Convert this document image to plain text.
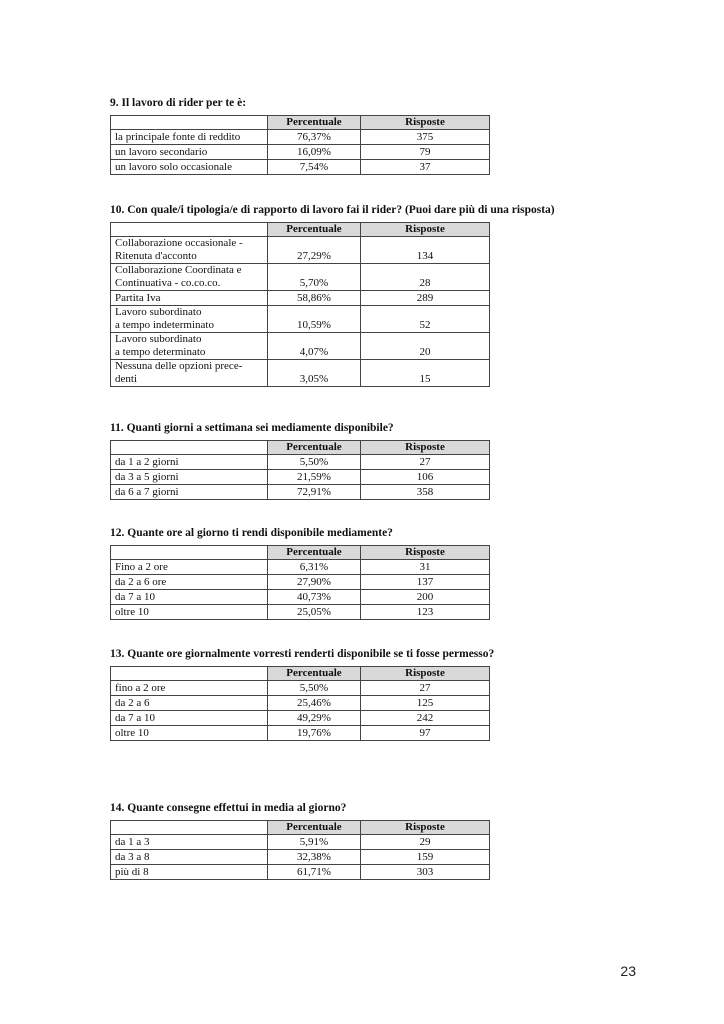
9. Il lavoro di rider per te è:
	Percentuale	Risposte
la principale fonte di reddito	76,37%	375
un lavoro secondario	16,09%	79
un lavoro solo occasionale	7,54%	37
10. Con quale/i tipologia/e di rapporto di lavoro fai il rider? (Puoi dare più di una risposta)
	Percentuale	Risposte
Collaborazione occasionale -
Ritenuta d'acconto	27,29%	134
Collaborazione Coordinata e
Continuativa - co.co.co.	5,70%	28
Partita Iva	58,86%	289
Lavoro subordinato
a tempo indeterminato	10,59%	52
Lavoro subordinato
a tempo determinato	4,07%	20
Nessuna delle opzioni prece-
denti	3,05%	15
11. Quanti giorni a settimana sei mediamente disponibile?
	Percentuale	Risposte
da 1 a 2 giorni	5,50%	27
da 3 a 5 giorni	21,59%	106
da 6 a 7 giorni	72,91%	358
12. Quante ore al giorno ti rendi disponibile mediamente?
	Percentuale	Risposte
Fino a 2 ore	6,31%	31
da 2 a 6 ore	27,90%	137
da 7 a 10	40,73%	200
oltre 10	25,05%	123
13. Quante ore giornalmente vorresti renderti disponibile se ti fosse permesso?
	Percentuale	Risposte
fino a 2 ore	5,50%	27
da 2 a 6	25,46%	125
da 7 a 10	49,29%	242
oltre 10	19,76%	97
14. Quante consegne effettui in media al giorno?
	Percentuale	Risposte
da 1 a 3	5,91%	29
da 3 a 8	32,38%	159
più di 8	61,71%	303
23
